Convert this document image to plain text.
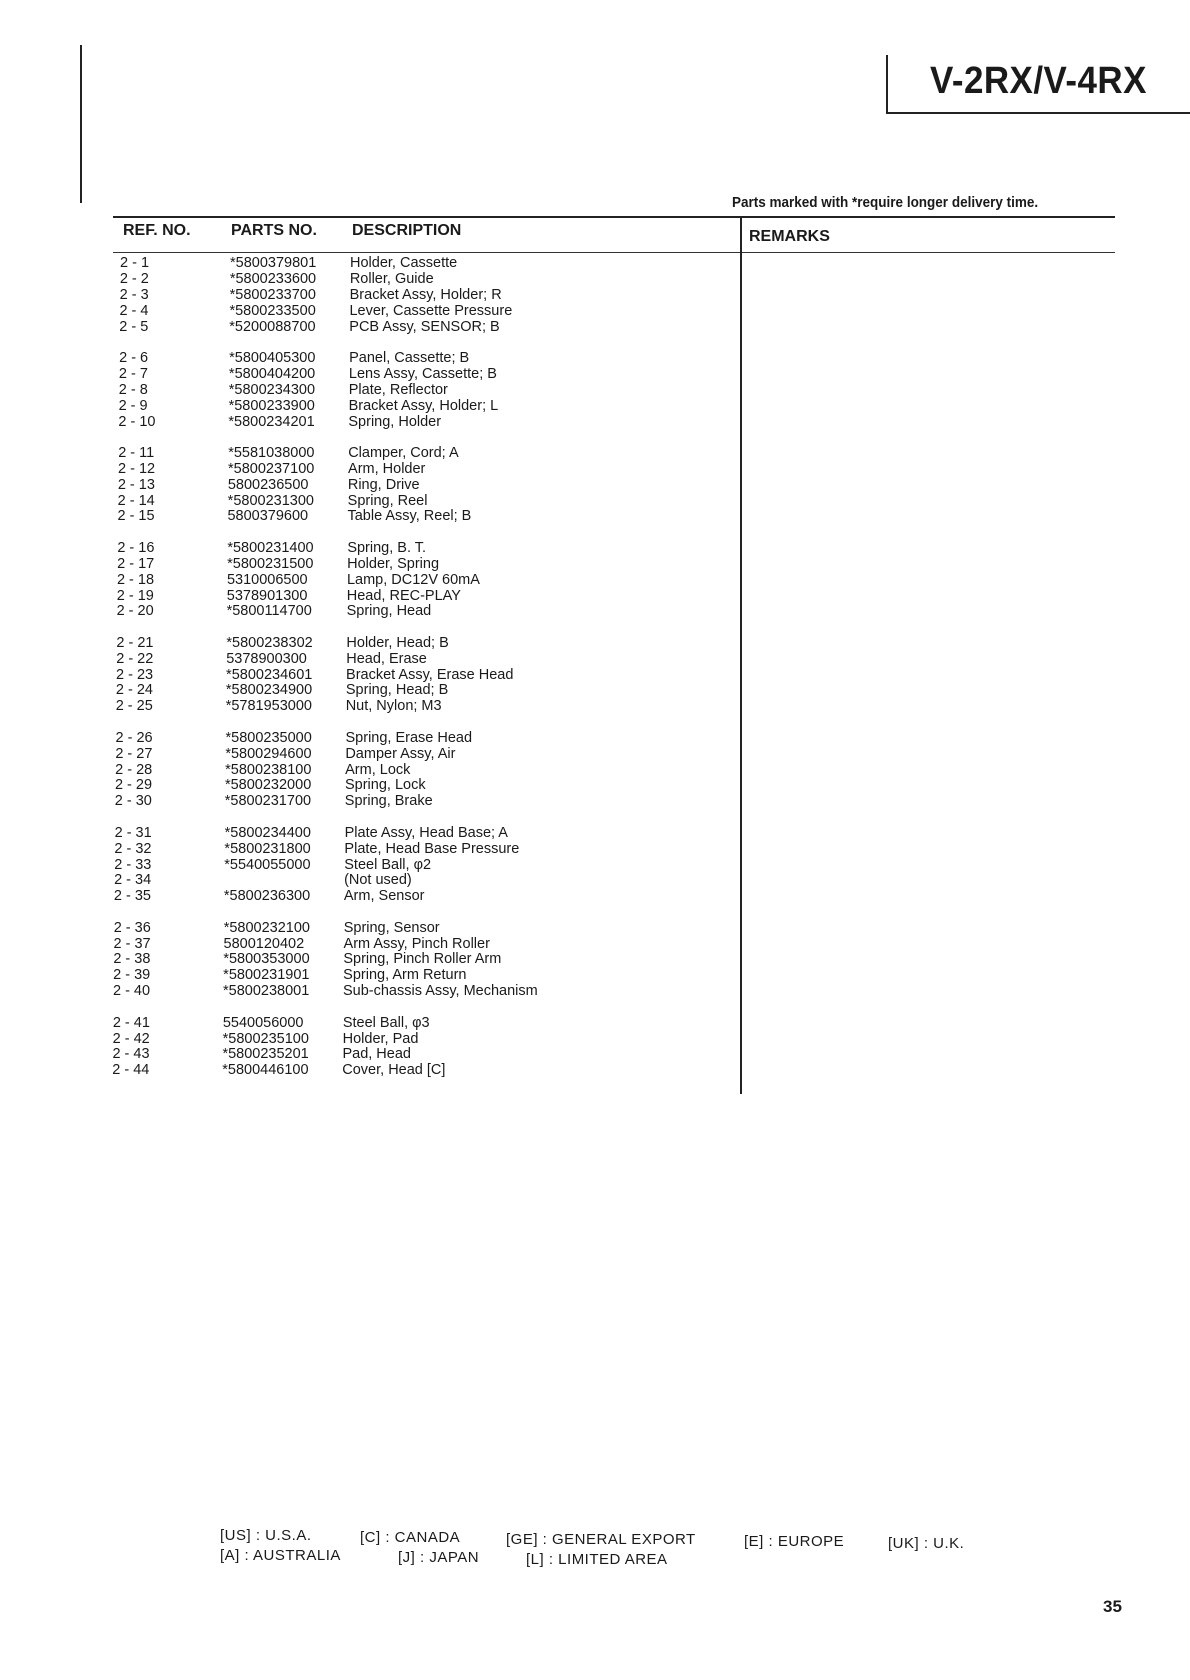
V-2RX/V-4RX
Parts marked with *require longer delivery time.
REF. NO.	PARTS NO. DESCRIPTION	REMARKS
2 - 1	*5800379801 Holder, Cassette
2 - 2	*5800233600 Roller, Guide
2 - 3	*5800233700 Bracket Assy, Holder; R
2 - 4	*5800233500 Lever, Cassette Pressure
2 - 5	*5200088700 PCB Assy, SENSOR; B
2 - 6	*5800405300 Panel, Cassette; B
2 - 7	*5800404200 Lens Assy, Cassette; B
2 - 8	*5800234300 Plate, Reflector
2 - 9	*5800233900 Bracket Assy, Holder; L
2 - 10	*5800234201 Spring, Holder
2 - 11	*5581038000 Clamper, Cord; A
2 - 12	*5800237100 Arm, Holder
2 - 13	5800236500	Ring, Drive
2 - 14	*5800231300 Spring, Reel
2 - 15	5800379600	Table Assy, Reel; B
2 - 16	*5800231400 Spring, B. T.
2 - 17	*5800231500 Holder, Spring
2 - 18	5310006500	Lamp, DC12V 60mA
2 - 19	5378901300	Head, REC-PLAY
2 - 20	*5800114700 Spring, Head
2 - 21	*5800238302 Holder, Head; B
2 - 22	5378900300	Head, Erase
2 - 23	*5800234601 Bracket Assy, Erase Head
2 - 24	*5800234900 Spring, Head; B
2 - 25	*5781953000 Nut, Nylon; M3
2 - 26	*5800235000 Spring, Erase Head
2 - 27	*5800294600 Damper Assy, Air
2 - 28	*5800238100 Arm, Lock
2 - 29	*5800232000 Spring, Lock
2 - 30	*5800231700 Spring, Brake
2 - 31	*5800234400 Plate Assy, Head Base; A
2 - 32	*5800231800 Plate, Head Base Pressure
2 - 33	*5540055000 Steel Ball, φ2
2 - 34	(Not used)
2 - 35	*5800236300 Arm, Sensor
2 - 36	*5800232100 Spring, Sensor
2 - 37	5800120402	Arm Assy, Pinch Roller
2 - 38	*5800353000 Spring, Pinch Roller Arm
2 - 39	*5800231901 Spring, Arm Return
2 - 40	*5800238001 Sub-chassis Assy, Mechanism
2 - 41	5540056000	Steel Ball, φ3
2 - 42	*5800235100 Holder, Pad
2 - 43	*5800235201 Pad, Head
2 - 44	*5800446100 Cover, Head [C]
[US] : U.S.A.	[C] : CANADA	[GE] : GENERAL EXPORT	[E] : EUROPE	[UK] : U.K.
[A] : AUSTRALIA	[J] : JAPAN	[L] : LIMITED AREA
35
